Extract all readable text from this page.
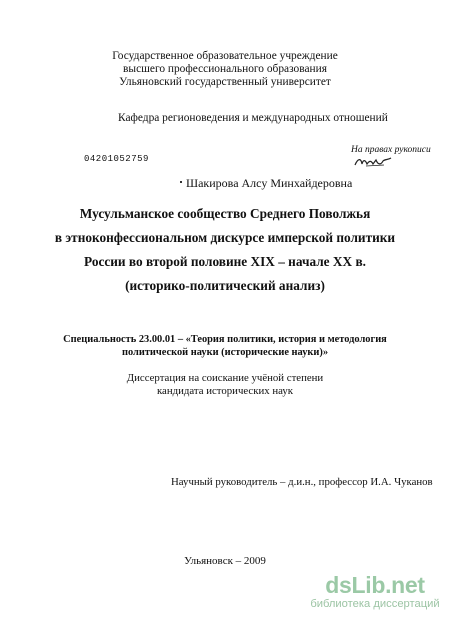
Государственное образовательное учреждение
высшего профессионального образования
Ульяновский государственный университет
Кафедра регионоведения и международных отношений
На правах рукописи
04201052759
Шакирова Алсу Минхайдеровна
Мусульманское сообщество Среднего Поволжья
в этноконфессиональном дискурсе имперской политики
России во второй половине XIX – начале XX в.
(историко-политический анализ)
Специальность 23.00.01 – «Теория политики, история и методология
политической науки (исторические науки)»
Диссертация на соискание учёной степени
кандидата исторических наук
Научный руководитель – д.и.н., профессор И.А. Чуканов
Ульяновск – 2009
dsLib.net
библиотека диссертаций
